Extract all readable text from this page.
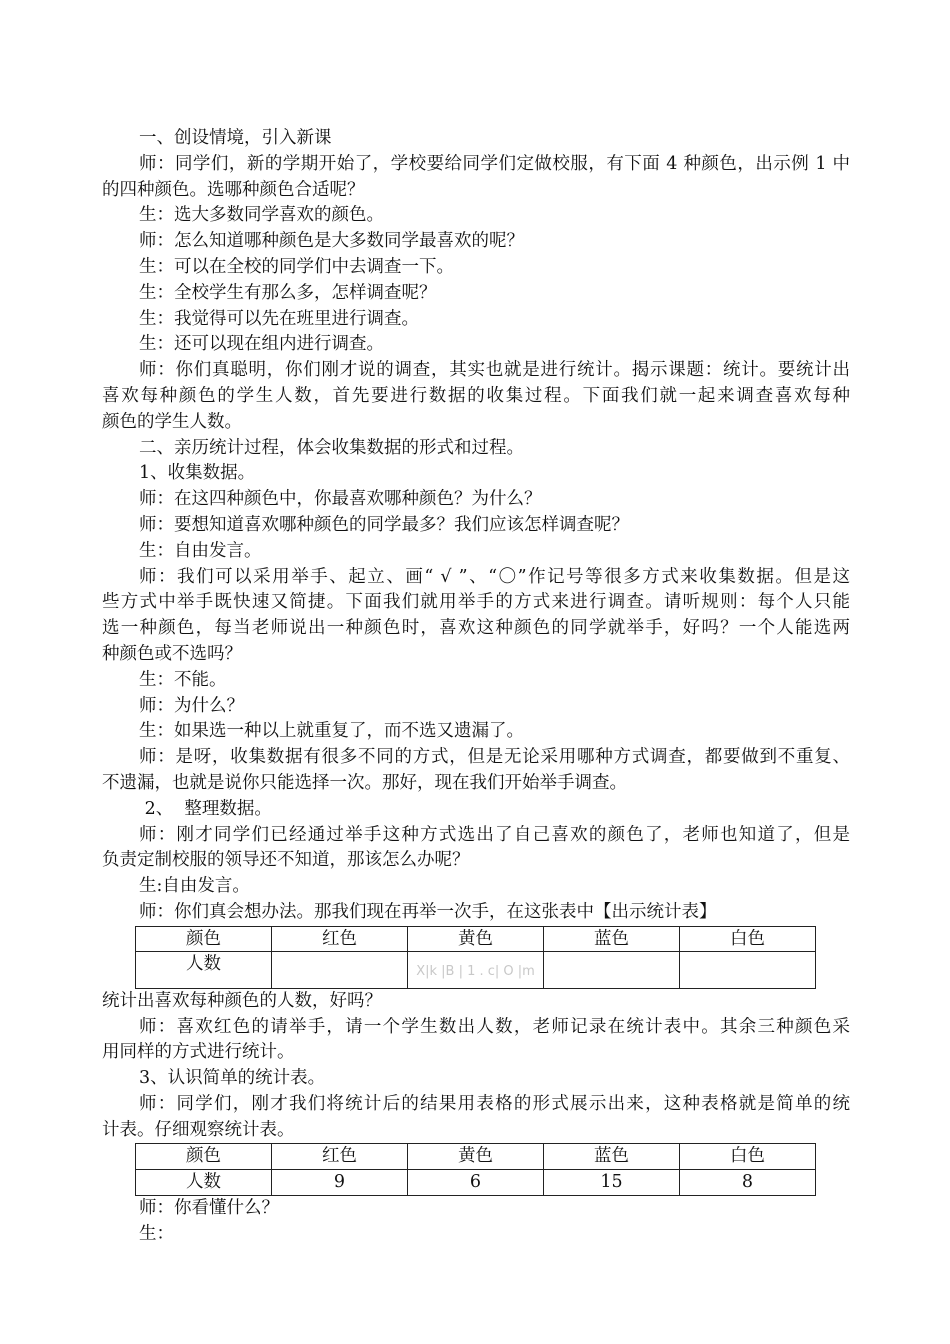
一、创设情境，引入新课
师：同学们，新的学期开始了，学校要给同学们定做校服，有下面 4 种颜色，出示例 1 中
的四种颜色。选哪种颜色合适呢？
生：选大多数同学喜欢的颜色。
师：怎么知道哪种颜色是大多数同学最喜欢的呢？
生：可以在全校的同学们中去调查一下。
生：全校学生有那么多，怎样调查呢？
生：我觉得可以先在班里进行调查。
生：还可以现在组内进行调查。
师：你们真聪明，你们刚才说的调查，其实也就是进行统计。揭示课题：统计。要统计出
喜欢每种颜色的学生人数，首先要进行数据的收集过程。下面我们就一起来调查喜欢每种
颜色的学生人数。
二、亲历统计过程，体会收集数据的形式和过程。
1、收集数据。
师：在这四种颜色中，你最喜欢哪种颜色？为什么？
师：要想知道喜欢哪种颜色的同学最多？我们应该怎样调查呢？
生：自由发言。
师：我们可以采用举手、起立、画“ √ ”、“〇”作记号等很多方式来收集数据。但是这
些方式中举手既快速又简捷。下面我们就用举手的方式来进行调查。请听规则：每个人只能
选一种颜色，每当老师说出一种颜色时，喜欢这种颜色的同学就举手，好吗？一个人能选两
种颜色或不选吗？
生：不能。
师：为什么？
生：如果选一种以上就重复了，而不选又遗漏了。
师：是呀，收集数据有很多不同的方式，但是无论采用哪种方式调查，都要做到不重复、
不遗漏，也就是说你只能选择一次。那好，现在我们开始举手调查。
2、  整理数据。
师：刚才同学们已经通过举手这种方式选出了自己喜欢的颜色了，老师也知道了，但是
负责定制校服的领导还不知道，那该怎么办呢？
生:自由发言。
师：你们真会想办法。那我们现在再举一次手，在这张表中【出示统计表】
颜色	红色	黄色	蓝色	白色
人数		$_{X|k |B | 1 . c| O |m}$		
统计出喜欢每种颜色的人数，好吗？
师：喜欢红色的请举手，请一个学生数出人数，老师记录在统计表中。其余三种颜色采
用同样的方式进行统计。
3、认识简单的统计表。
师：同学们，刚才我们将统计后的结果用表格的形式展示出来，这种表格就是简单的统
计表。仔细观察统计表。
颜色	红色	黄色	蓝色	白色
人数	9	6	15	8
师：你看懂什么？
生：
